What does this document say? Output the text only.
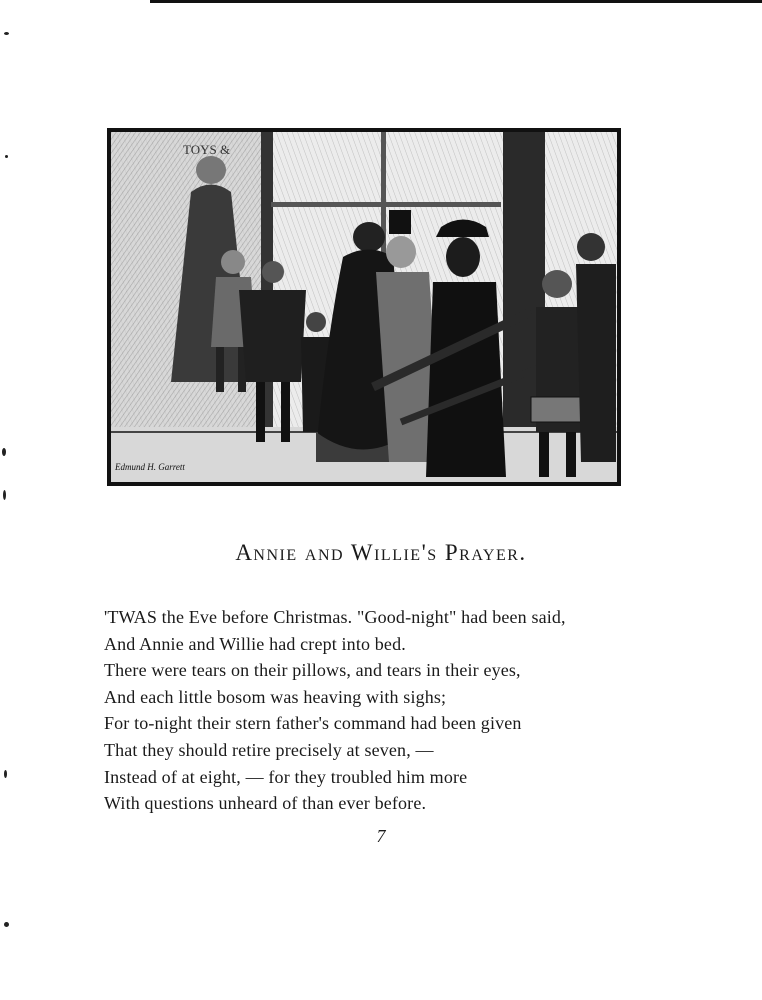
TOYS &
Edmund H. Garrett
Annie and Willie's Prayer.
'TWAS the Eve before Christmas. "Good-night" had been said,
And Annie and Willie had crept into bed.
There were tears on their pillows, and tears in their eyes,
And each little bosom was heaving with sighs;
For to-night their stern father's command had been given
That they should retire precisely at seven, —
Instead of at eight, — for they troubled him more
With questions unheard of than ever before.
7
